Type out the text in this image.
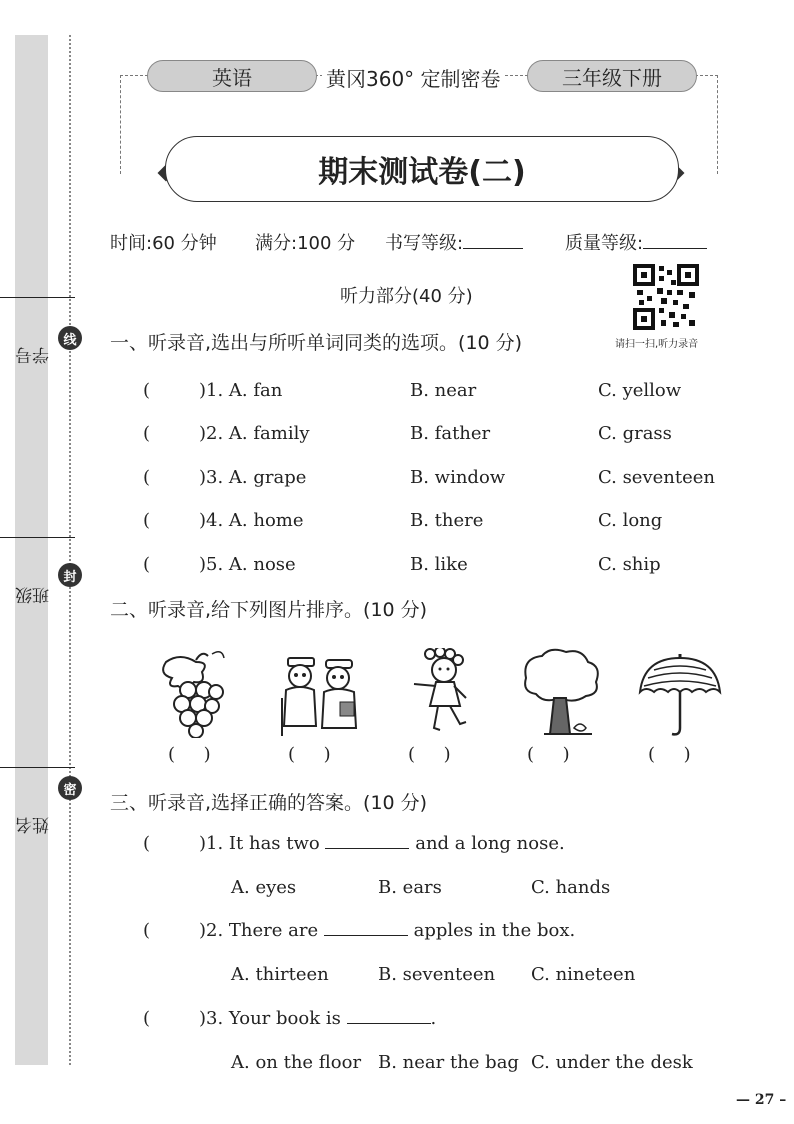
学号
班级
姓名
线
封
密
英语	黄冈360° 定制密卷	三年级下册
期末测试卷(二)
时间:60 分钟 满分:100 分 书写等级:	质量等级:
听力部分(40 分)
请扫一扫,听力录音
一、听录音,选出与所听单词同类的选项。(10 分)
(	)1. A. fan	B. near	C. yellow
(	)2. A. family	B. father	C. grass
(	)3. A. grape	B. window	C. seventeen
(	)4. A. home	B. there	C. long
(	)5. A. nose	B. like	C. ship
二、听录音,给下列图片排序。(10 分)
(     )	(     )	(     )	(     )	(     )
三、听录音,选择正确的答案。(10 分)
(	)1. It has two	and a long nose.
A. eyes	B. ears	C. hands
(	)2. There are	apples in the box.
A. thirteen	B. seventeen C. nineteen
(	)3. Your book is	.
A. on the floor B. near the bag C. under the desk
— 27 –
